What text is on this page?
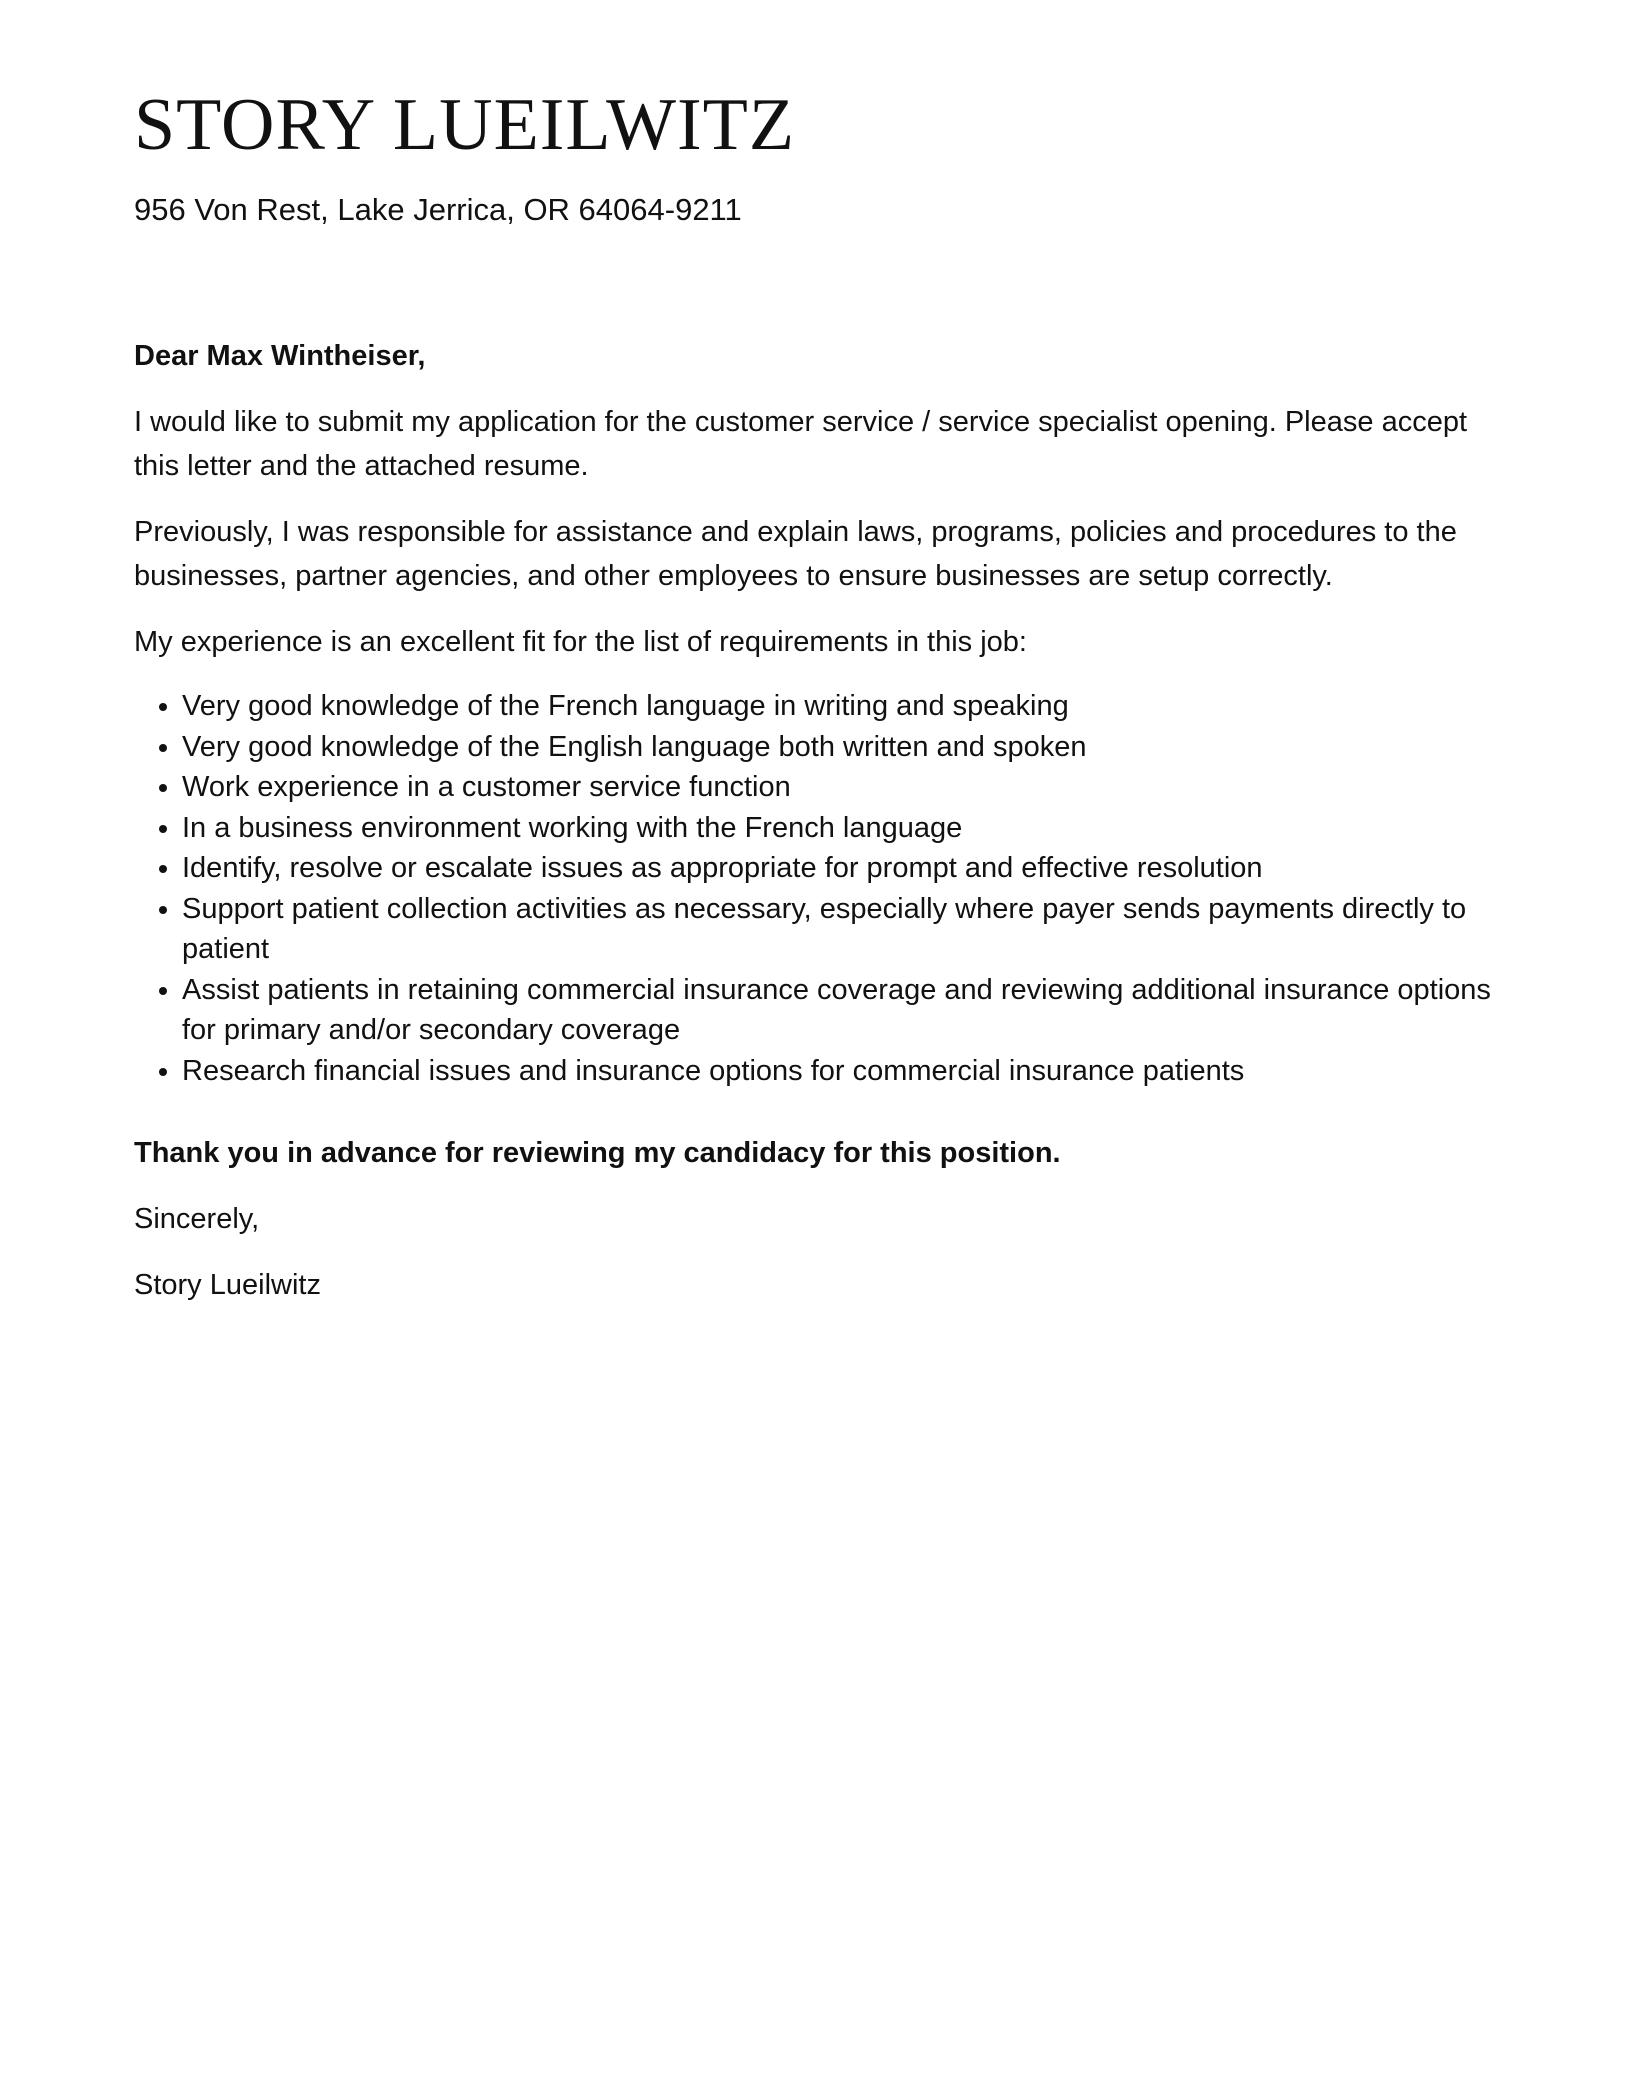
STORY LUEILWITZ

956 Von Rest, Lake Jerrica, OR 64064-9211

Dear Max Wintheiser,

I would like to submit my application for the customer service / service specialist opening. Please accept this letter and the attached resume.

Previously, I was responsible for assistance and explain laws, programs, policies and procedures to the businesses, partner agencies, and other employees to ensure businesses are setup correctly.

My experience is an excellent fit for the list of requirements in this job:

• Very good knowledge of the French language in writing and speaking
• Very good knowledge of the English language both written and spoken
• Work experience in a customer service function
• In a business environment working with the French language
• Identify, resolve or escalate issues as appropriate for prompt and effective resolution
• Support patient collection activities as necessary, especially where payer sends payments directly to patient
• Assist patients in retaining commercial insurance coverage and reviewing additional insurance options for primary and/or secondary coverage
• Research financial issues and insurance options for commercial insurance patients

Thank you in advance for reviewing my candidacy for this position.

Sincerely,

Story Lueilwitz
